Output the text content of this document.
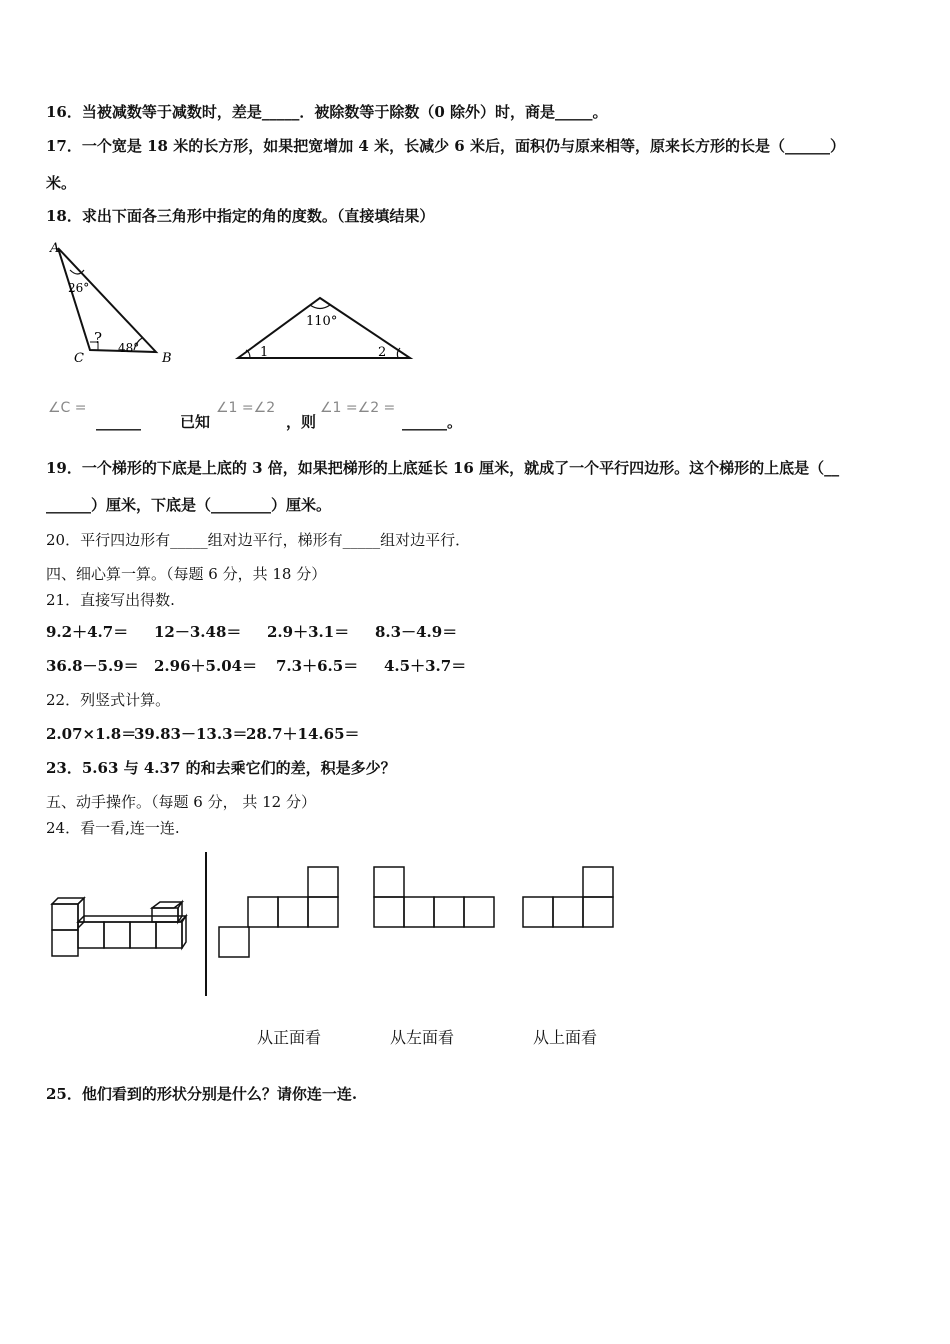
16．当被减数等于减数时，差是_____．被除数等于除数（0 除外）时，商是_____。
17．一个宽是 18 米的长方形，如果把宽增加 4 米，长减少 6 米后，面积仍与原来相等，原来长方形的长是（______）
米。
18．求出下面各三角形中指定的角的度数。（直接填结果）
A
C	B
26°
48°
?
110°
1	2
∠C =
______	已知
∠1 =∠2
，则
∠1 =∠2 =
______。
19．一个梯形的下底是上底的 3 倍，如果把梯形的上底延长 16 厘米，就成了一个平行四边形。这个梯形的上底是（__
______）厘米，下底是（________）厘米。
20．平行四边形有_____组对边平行，梯形有_____组对边平行．
四、细心算一算。（每题 6 分，共 18 分）
21．直接写出得数.
9.2＋4.7＝ 12－3.48＝ 2.9＋3.1＝ 8.3－4.9＝
36.8－5.9＝ 2.96＋5.04＝ 7.3＋6.5＝ 4.5＋3.7＝
22．列竖式计算。
2.07×1.8＝39.83－13.3＝28.7＋14.65＝
23．5.63 与 4.37 的和去乘它们的差，积是多少？
五、动手操作。（每题 6 分， 共 12 分）
24．看一看,连一连.
从正面看	从左面看	从上面看
25．他们看到的形状分别是什么？请你连一连.
